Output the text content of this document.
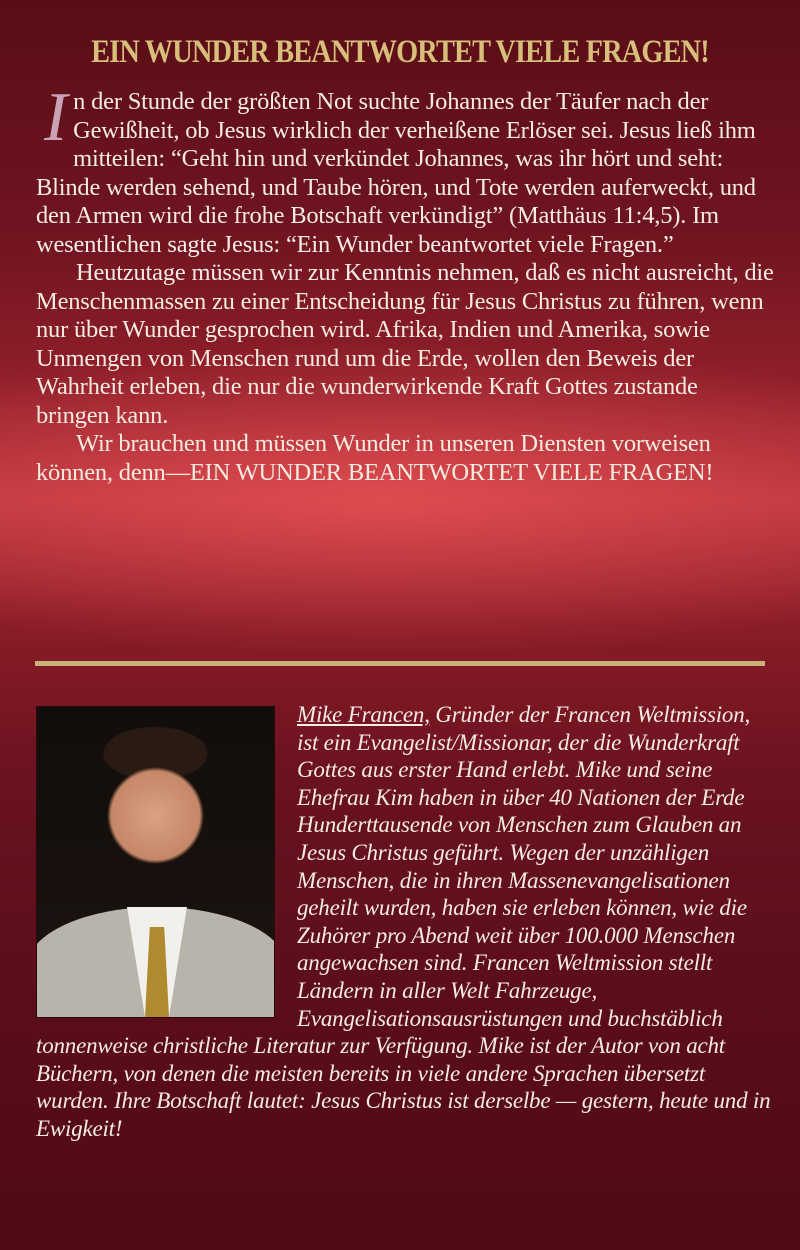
EIN WUNDER BEANTWORTET VIELE FRAGEN!

In der Stunde der größten Not suchte Johannes der Täufer nach der Gewißheit, ob Jesus wirklich der verheißene Erlöser sei. Jesus ließ ihm mitteilen: “Geht hin und verkündet Johannes, was ihr hört und seht: Blinde werden sehend, und Taube hören, und Tote werden auferweckt, und den Armen wird die frohe Botschaft verkündigt” (Matthäus 11:4,5). Im wesentlichen sagte Jesus: “Ein Wunder beantwortet viele Fragen.”

Heutzutage müssen wir zur Kenntnis nehmen, daß es nicht ausreicht, die Menschenmassen zu einer Entscheidung für Jesus Christus zu führen, wenn nur über Wunder gesprochen wird. Afrika, Indien und Amerika, sowie Unmengen von Menschen rund um die Erde, wollen den Beweis der Wahrheit erleben, die nur die wunderwirkende Kraft Gottes zustande bringen kann.

Wir brauchen und müssen Wunder in unseren Diensten vorweisen können, denn—EIN WUNDER BEANTWORTET VIELE FRAGEN!

Mike Francen, Gründer der Francen Weltmission, ist ein Evangelist/Missionar, der die Wunderkraft Gottes aus erster Hand erlebt. Mike und seine Ehefrau Kim haben in über 40 Nationen der Erde Hunderttausende von Menschen zum Glauben an Jesus Christus geführt. Wegen der unzähligen Menschen, die in ihren Massenevangelisationen geheilt wurden, haben sie erleben können, wie die Zuhörer pro Abend weit über 100.000 Menschen angewachsen sind. Francen Weltmission stellt Ländern in aller Welt Fahrzeuge, Evangelisationsausrüstungen und buchstäblich tonnenweise christliche Literatur zur Verfügung. Mike ist der Autor von acht Büchern, von denen die meisten bereits in viele andere Sprachen übersetzt wurden. Ihre Botschaft lautet: Jesus Christus ist derselbe — gestern, heute und in Ewigkeit!
